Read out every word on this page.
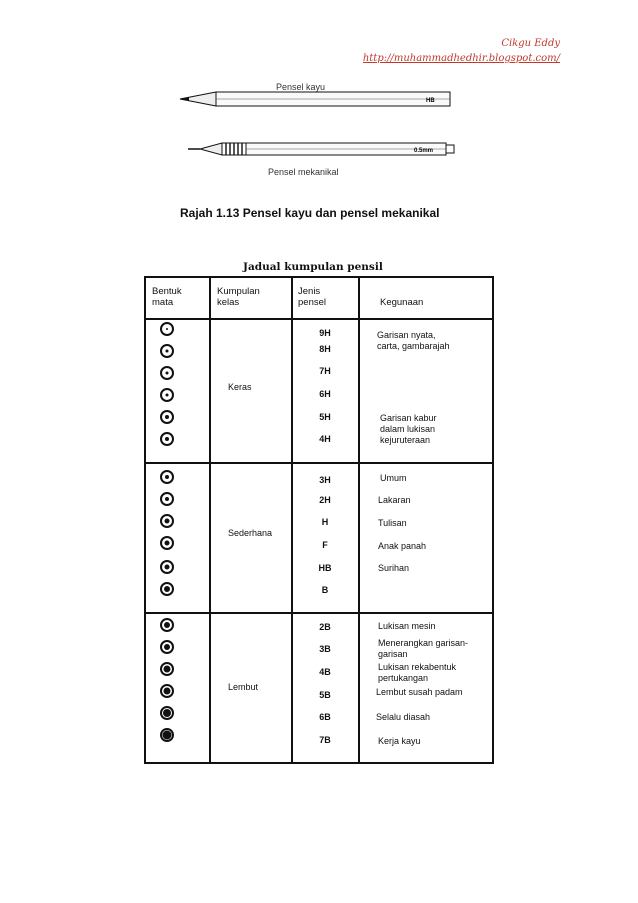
Cikgu Eddy
http://muhammadhedhir.blogspot.com/
Pensel kayu
HB
0.5mm
Pensel mekanikal
Rajah 1.13 Pensel kayu dan pensel mekanikal
Jadual kumpulan pensil
Bentuk
mata
Kumpulan
kelas
Jenis
pensel	Kegunaan
Keras
Sederhana
Lembut
9H
8H
7H
6H
5H
4H
3H
2H
H
F
HB
B
2B
3B
4B
5B
6B
7B
Garisan nyata,
carta, gambarajah
Garisan kabur
dalam lukisan
kejuruteraan
Umum
Lakaran
Tulisan
Anak panah
Surihan
Lukisan mesin
Menerangkan garisan-
garisan
Lukisan rekabentuk
pertukangan
Lembut susah padam
Selalu diasah
Kerja kayu
